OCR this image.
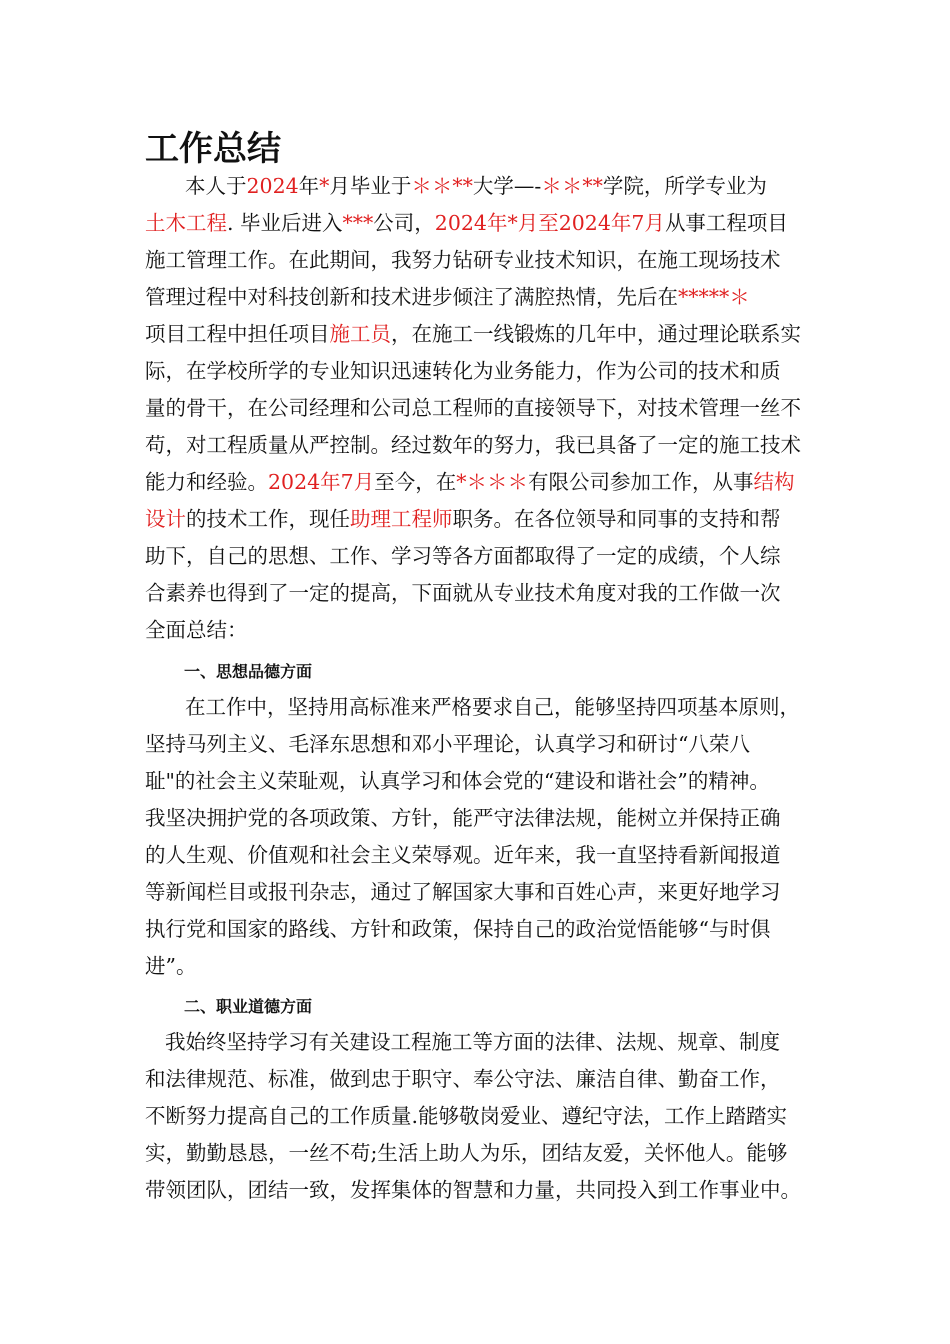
工作总结
本人于2024年*月毕业于＊＊**大学—-＊＊**学院，所学专业为
土木工程. 毕业后进入***公司，2024年*月至2024年7月从事工程项目
施工管理工作。在此期间，我努力钻研专业技术知识，在施工现场技术
管理过程中对科技创新和技术进步倾注了满腔热情，先后在*****＊
项目工程中担任项目施工员，在施工一线锻炼的几年中，通过理论联系实
际，在学校所学的专业知识迅速转化为业务能力，作为公司的技术和质
量的骨干，在公司经理和公司总工程师的直接领导下，对技术管理一丝不
苟，对工程质量从严控制。经过数年的努力，我已具备了一定的施工技术
能力和经验。2024年7月至今，在*＊＊＊有限公司参加工作，从事结构
设计的技术工作，现任助理工程师职务。在各位领导和同事的支持和帮
助下，自己的思想、工作、学习等各方面都取得了一定的成绩，个人综
合素养也得到了一定的提高，下面就从专业技术角度对我的工作做一次
全面总结：
一、思想品德方面
在工作中，坚持用高标准来严格要求自己，能够坚持四项基本原则，
坚持马列主义、毛泽东思想和邓小平理论，认真学习和研讨“八荣八
耻"的社会主义荣耻观，认真学习和体会党的“建设和谐社会”的精神。
我坚决拥护党的各项政策、方针，能严守法律法规，能树立并保持正确
的人生观、价值观和社会主义荣辱观。近年来，我一直坚持看新闻报道
等新闻栏目或报刊杂志，通过了解国家大事和百姓心声，来更好地学习
执行党和国家的路线、方针和政策，保持自己的政治觉悟能够“与时俱
进”。
二、职业道德方面
我始终坚持学习有关建设工程施工等方面的法律、法规、规章、制度
和法律规范、标准，做到忠于职守、奉公守法、廉洁自律、勤奋工作，
不断努力提高自己的工作质量.能够敬岗爱业、遵纪守法，工作上踏踏实
实，勤勤恳恳，一丝不苟;生活上助人为乐，团结友爱，关怀他人。能够
带领团队，团结一致，发挥集体的智慧和力量，共同投入到工作事业中。
